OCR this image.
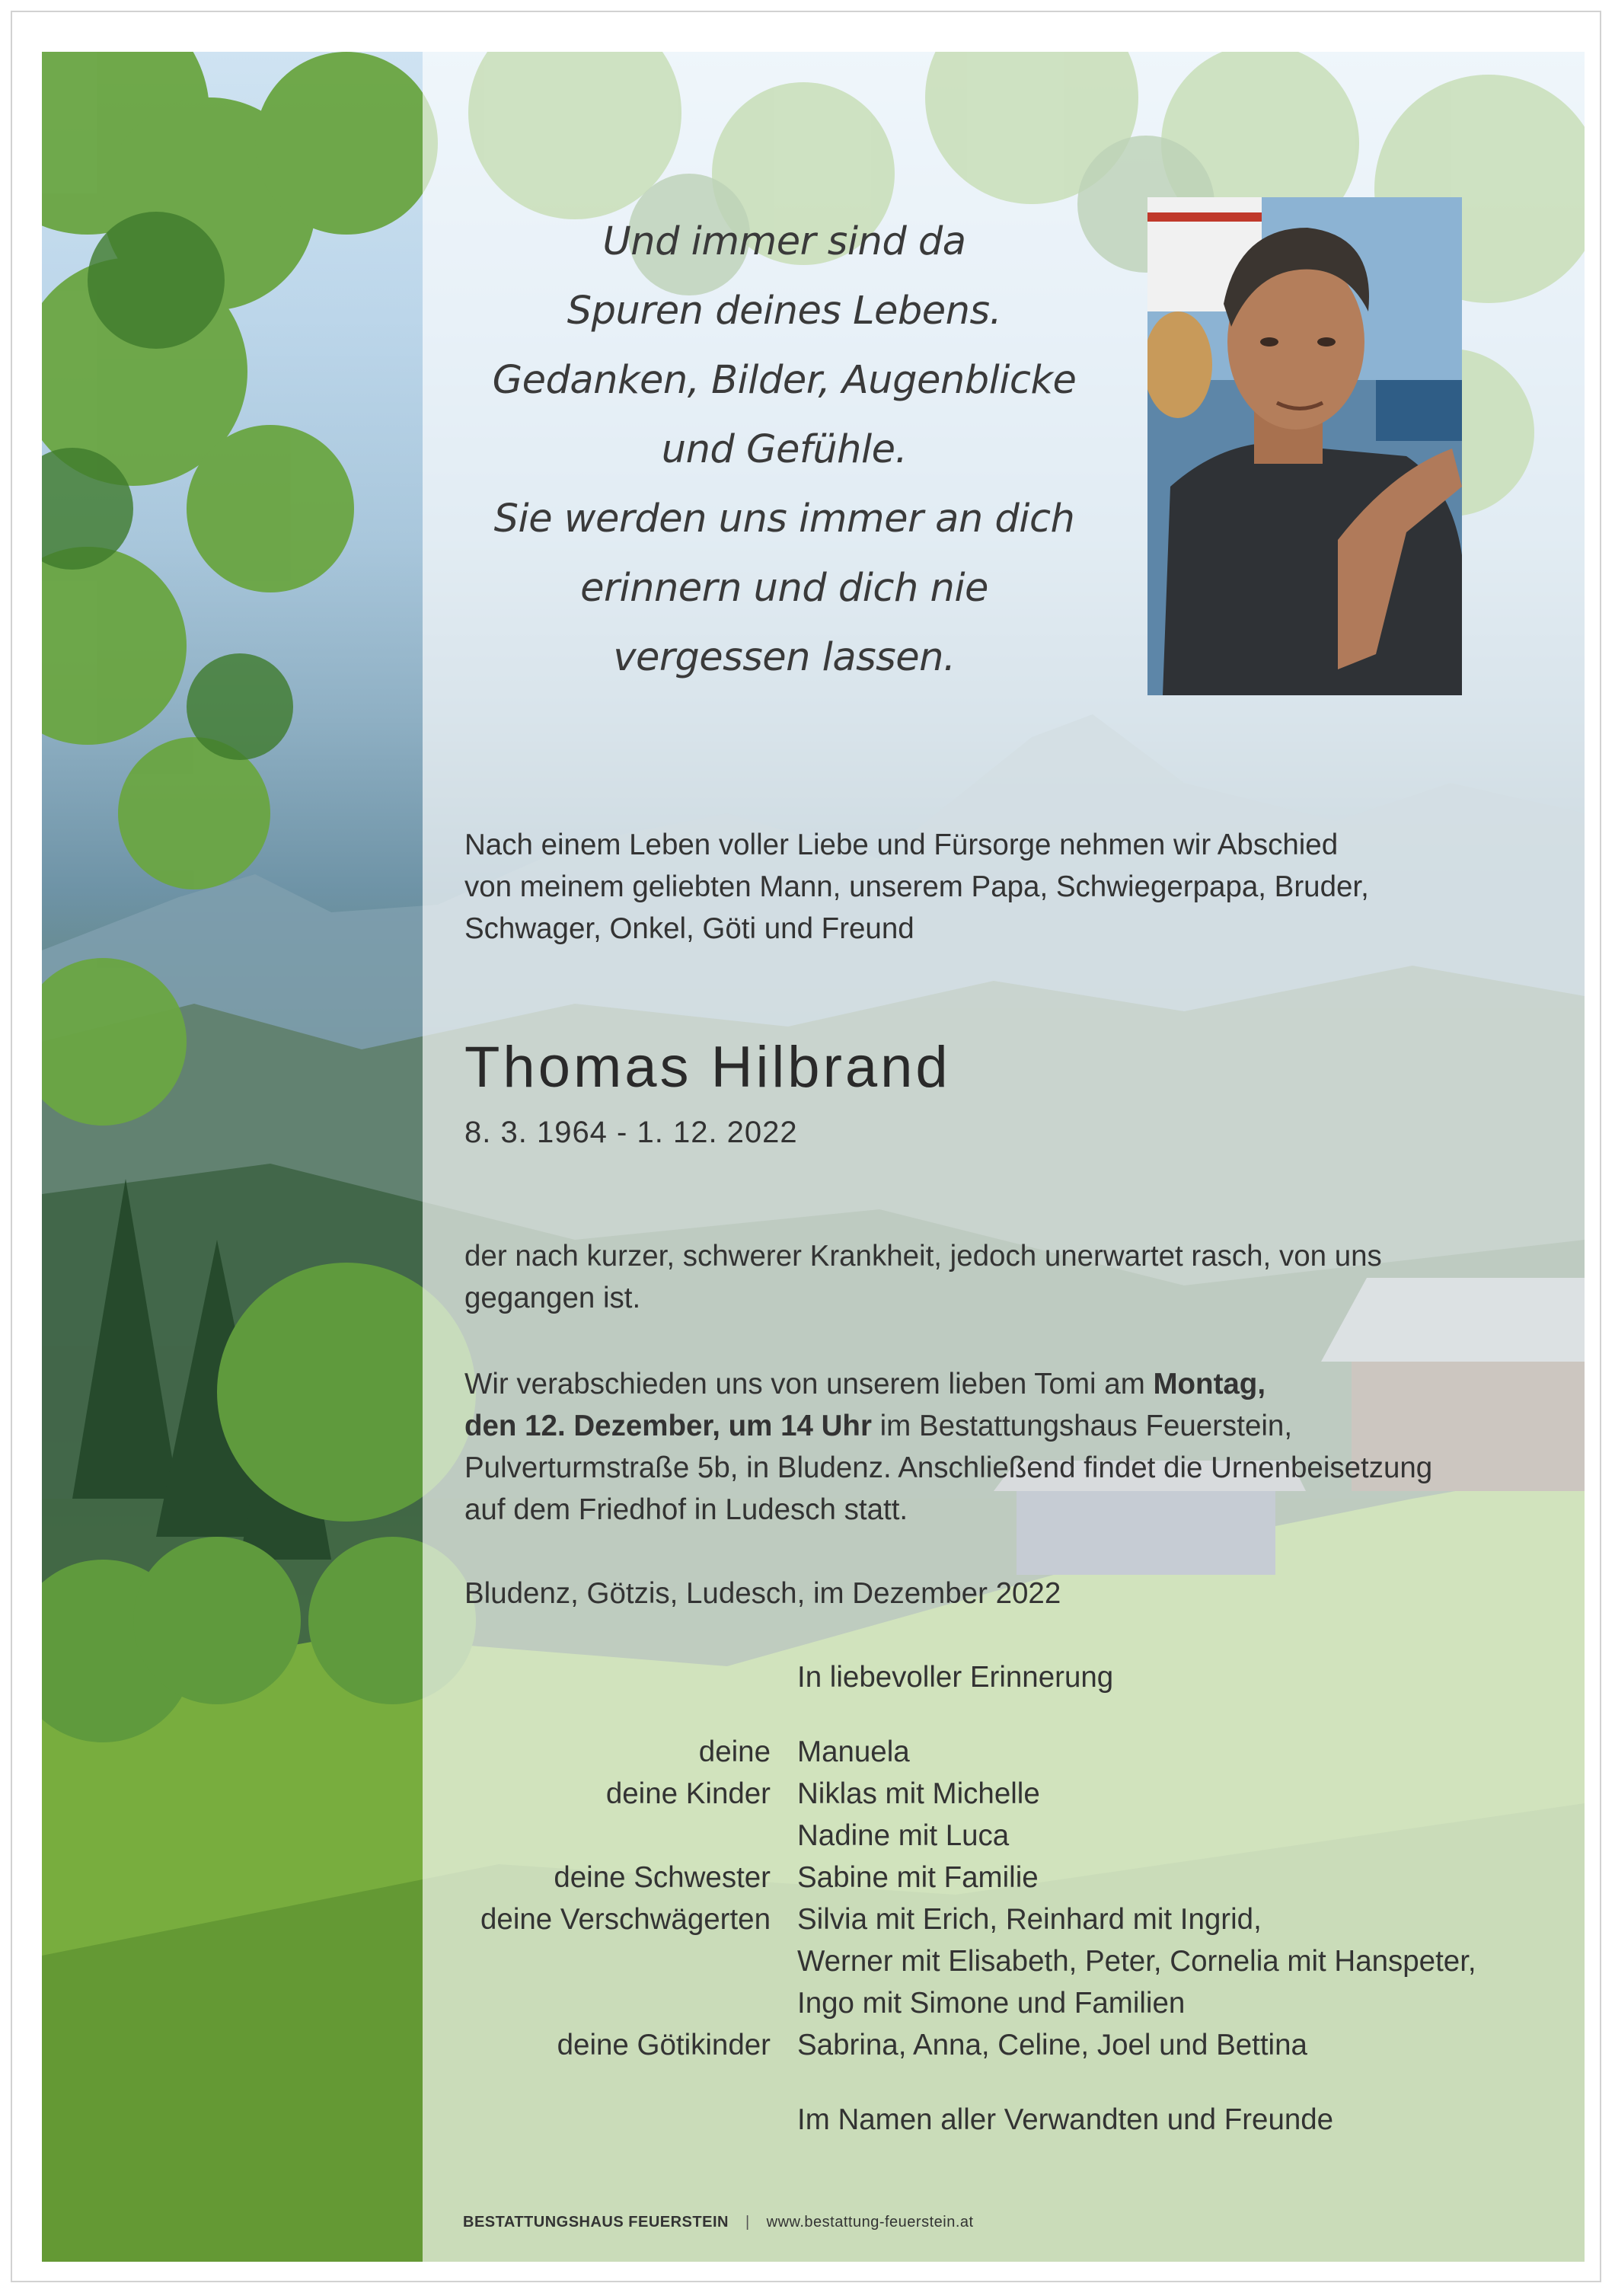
Und immer sind da
Spuren deines Lebens.
Gedanken, Bilder, Augenblicke
und Gefühle.
Sie werden uns immer an dich
erinnern und dich nie
vergessen lassen.
Nach einem Leben voller Liebe und Fürsorge nehmen wir Abschied
von meinem geliebten Mann, unserem Papa, Schwiegerpapa, Bruder,
Schwager, Onkel, Göti und Freund
Thomas Hilbrand
8. 3. 1964 - 1. 12. 2022
der nach kurzer, schwerer Krankheit, jedoch unerwartet rasch, von uns
gegangen ist.
Wir verabschieden uns von unserem lieben Tomi am Montag,
den 12. Dezember, um 14 Uhr im Bestattungshaus Feuerstein,
Pulverturmstraße 5b, in Bludenz. Anschließend findet die Urnenbeisetzung
auf dem Friedhof in Ludesch statt.
Bludenz, Götzis, Ludesch, im Dezember 2022
In liebevoller Erinnerung
deine Manuela
deine Kinder Niklas mit Michelle
Nadine mit Luca
deine Schwester Sabine mit Familie
deine Verschwägerten Silvia mit Erich, Reinhard mit Ingrid,
Werner mit Elisabeth, Peter, Cornelia mit Hanspeter,
Ingo mit Simone und Familien
deine Götikinder Sabrina, Anna, Celine, Joel und Bettina
Im Namen aller Verwandten und Freunde
BESTATTUNGSHAUS FEUERSTEIN | www.bestattung-feuerstein.at
